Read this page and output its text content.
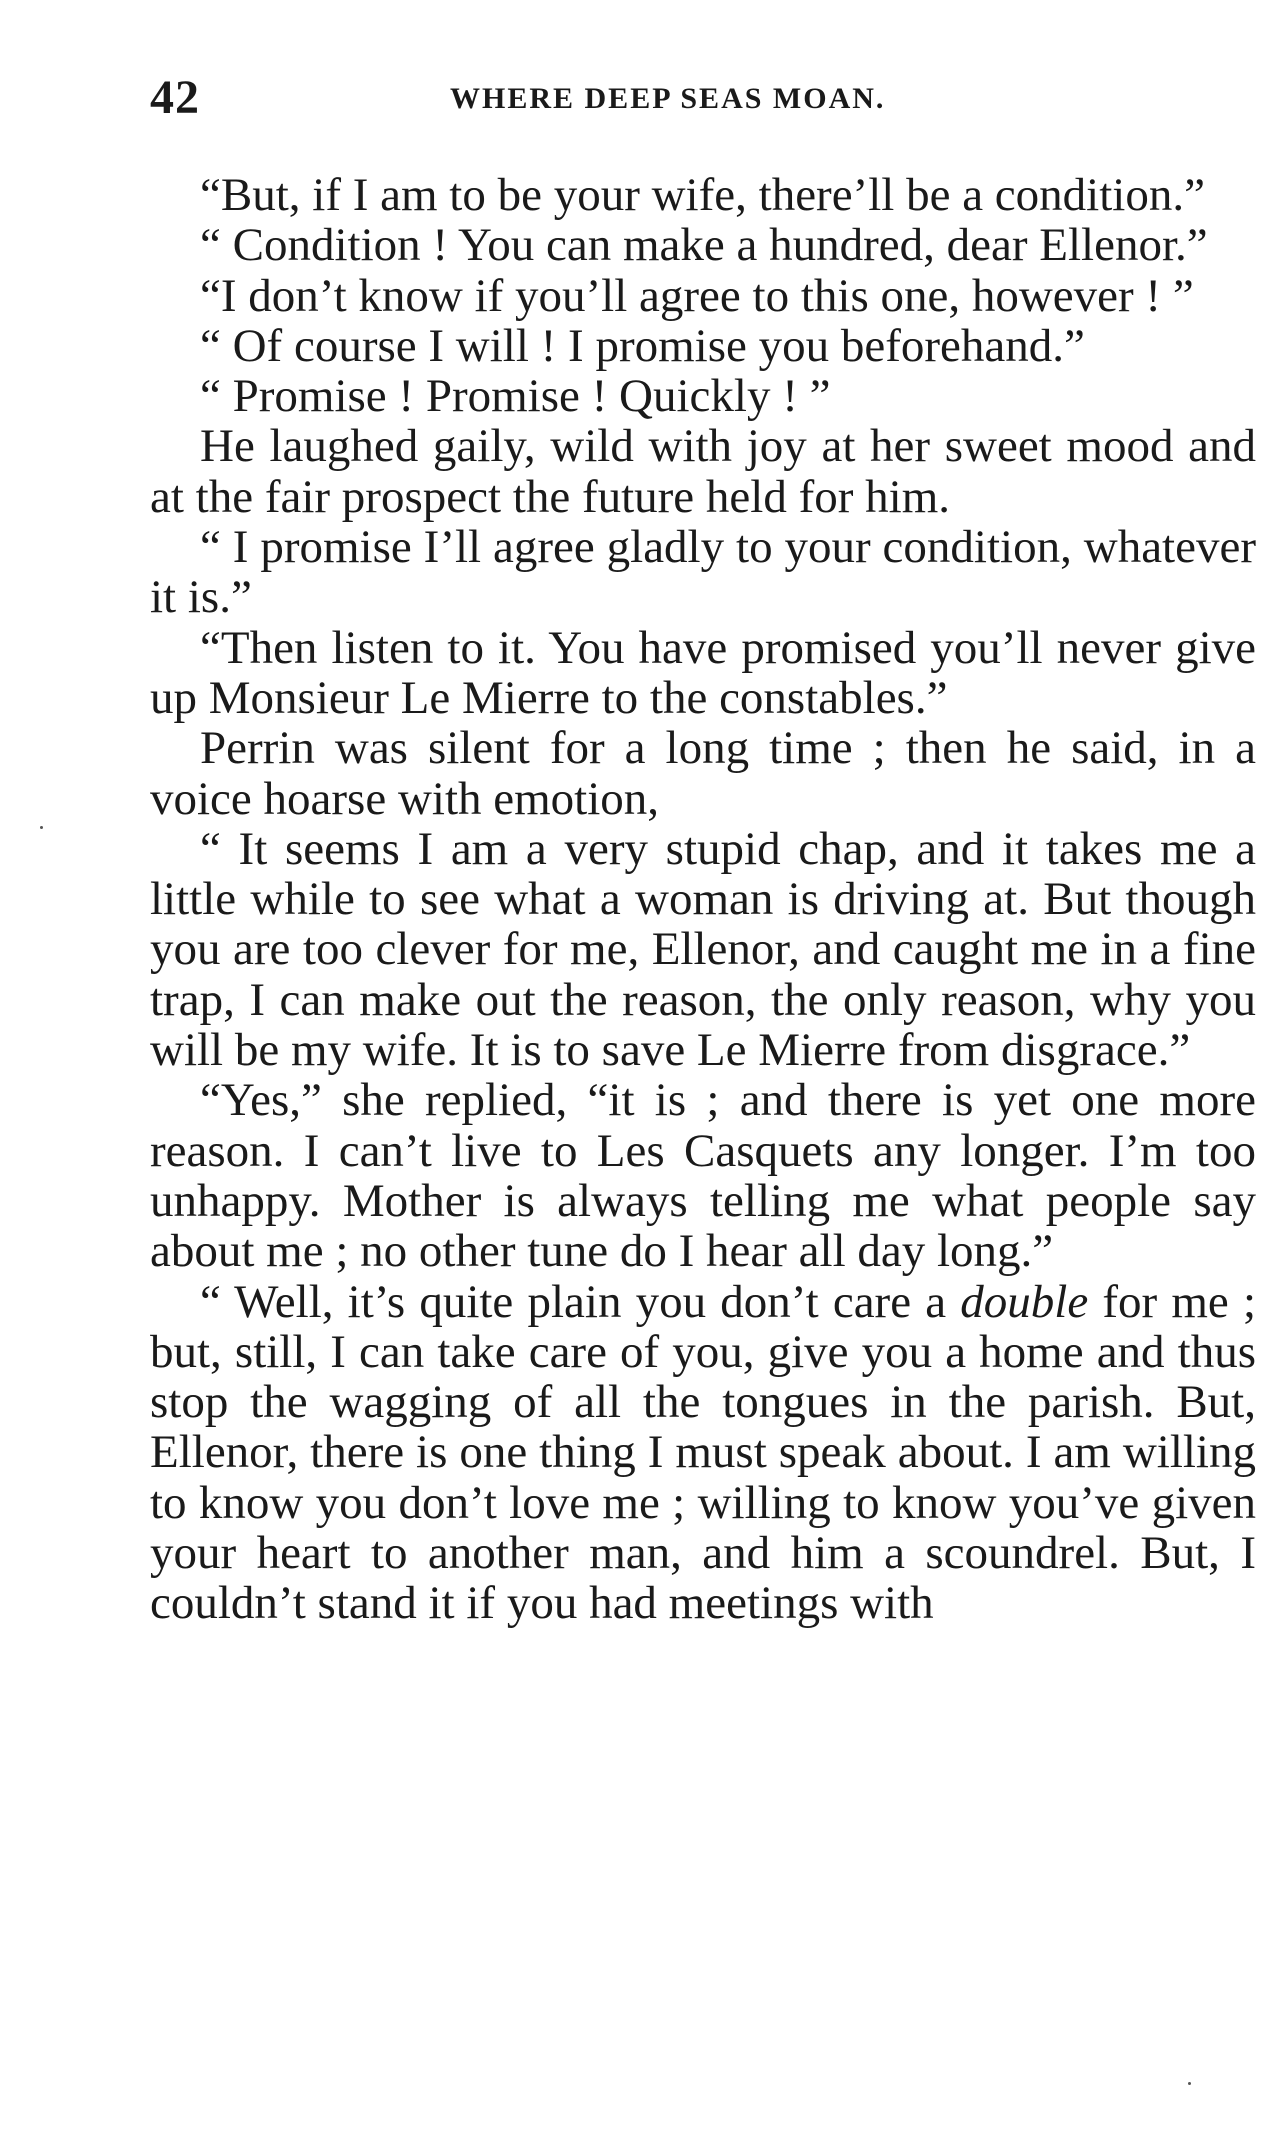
42	WHERE DEEP SEAS MOAN.

“But, if I am to be your wife, there’ll be a condition.”

“ Condition ! You can make a hundred, dear Ellenor.”

“I don’t know if you’ll agree to this one, however ! ”

“ Of course I will ! I promise you beforehand.”

“ Promise ! Promise ! Quickly ! ”

He laughed gaily, wild with joy at her sweet mood and at the fair prospect the future held for him.

“ I promise I’ll agree gladly to your condition, whatever it is.”

“Then listen to it. You have promised you’ll never give up Monsieur Le Mierre to the constables.”

Perrin was silent for a long time ; then he said, in a voice hoarse with emotion,

“ It seems I am a very stupid chap, and it takes me a little while to see what a woman is driving at. But though you are too clever for me, Ellenor, and caught me in a fine trap, I can make out the reason, the only reason, why you will be my wife. It is to save Le Mierre from disgrace.”

“Yes,” she replied, “it is ; and there is yet one more reason. I can’t live to Les Casquets any longer. I’m too unhappy. Mother is always telling me what people say about me ; no other tune do I hear all day long.”

“ Well, it’s quite plain you don’t care a double for me ; but, still, I can take care of you, give you a home and thus stop the wagging of all the tongues in the parish. But, Ellenor, there is one thing I must speak about. I am willing to know you don’t love me ; willing to know you’ve given your heart to another man, and him a scoundrel. But, I couldn’t stand it if you had meetings with
